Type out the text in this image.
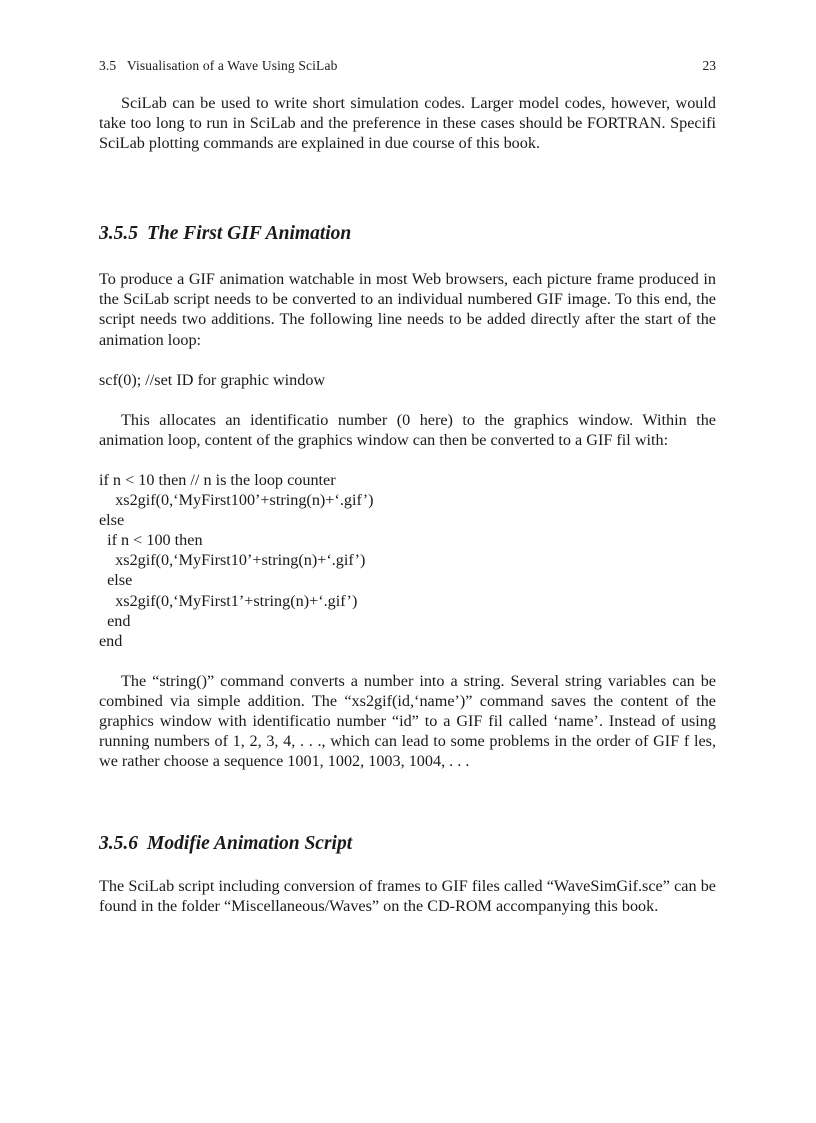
3.5 Visualisation of a Wave Using SciLab	23

SciLab can be used to write short simulation codes. Larger model codes, however, would take too long to run in SciLab and the preference in these cases should be FORTRAN. Specifi SciLab plotting commands are explained in due course of this book.

3.5.5 The First GIF Animation

To produce a GIF animation watchable in most Web browsers, each picture frame produced in the SciLab script needs to be converted to an individual numbered GIF image. To this end, the script needs two additions. The following line needs to be added directly after the start of the animation loop:

scf(0); //set ID for graphic window

This allocates an identificatio number (0 here) to the graphics window. Within the animation loop, content of the graphics window can then be converted to a GIF fil with:

if n < 10 then // n is the loop counter
xs2gif(0,‘MyFirst100’+string(n)+‘.gif’)
else
if n < 100 then
xs2gif(0,‘MyFirst10’+string(n)+‘.gif’)
else
xs2gif(0,‘MyFirst1’+string(n)+‘.gif’)
end
end

The “string()” command converts a number into a string. Several string variables can be combined via simple addition. The “xs2gif(id,‘name’)” command saves the content of the graphics window with identificatio number “id” to a GIF fil called ‘name’. Instead of using running numbers of 1, 2, 3, 4, . . ., which can lead to some problems in the order of GIF f les, we rather choose a sequence 1001, 1002, 1003, 1004, . . .

3.5.6 Modifie Animation Script

The SciLab script including conversion of frames to GIF files called “WaveSimGif.sce” can be found in the folder “Miscellaneous/Waves” on the CD-ROM accompanying this book.
